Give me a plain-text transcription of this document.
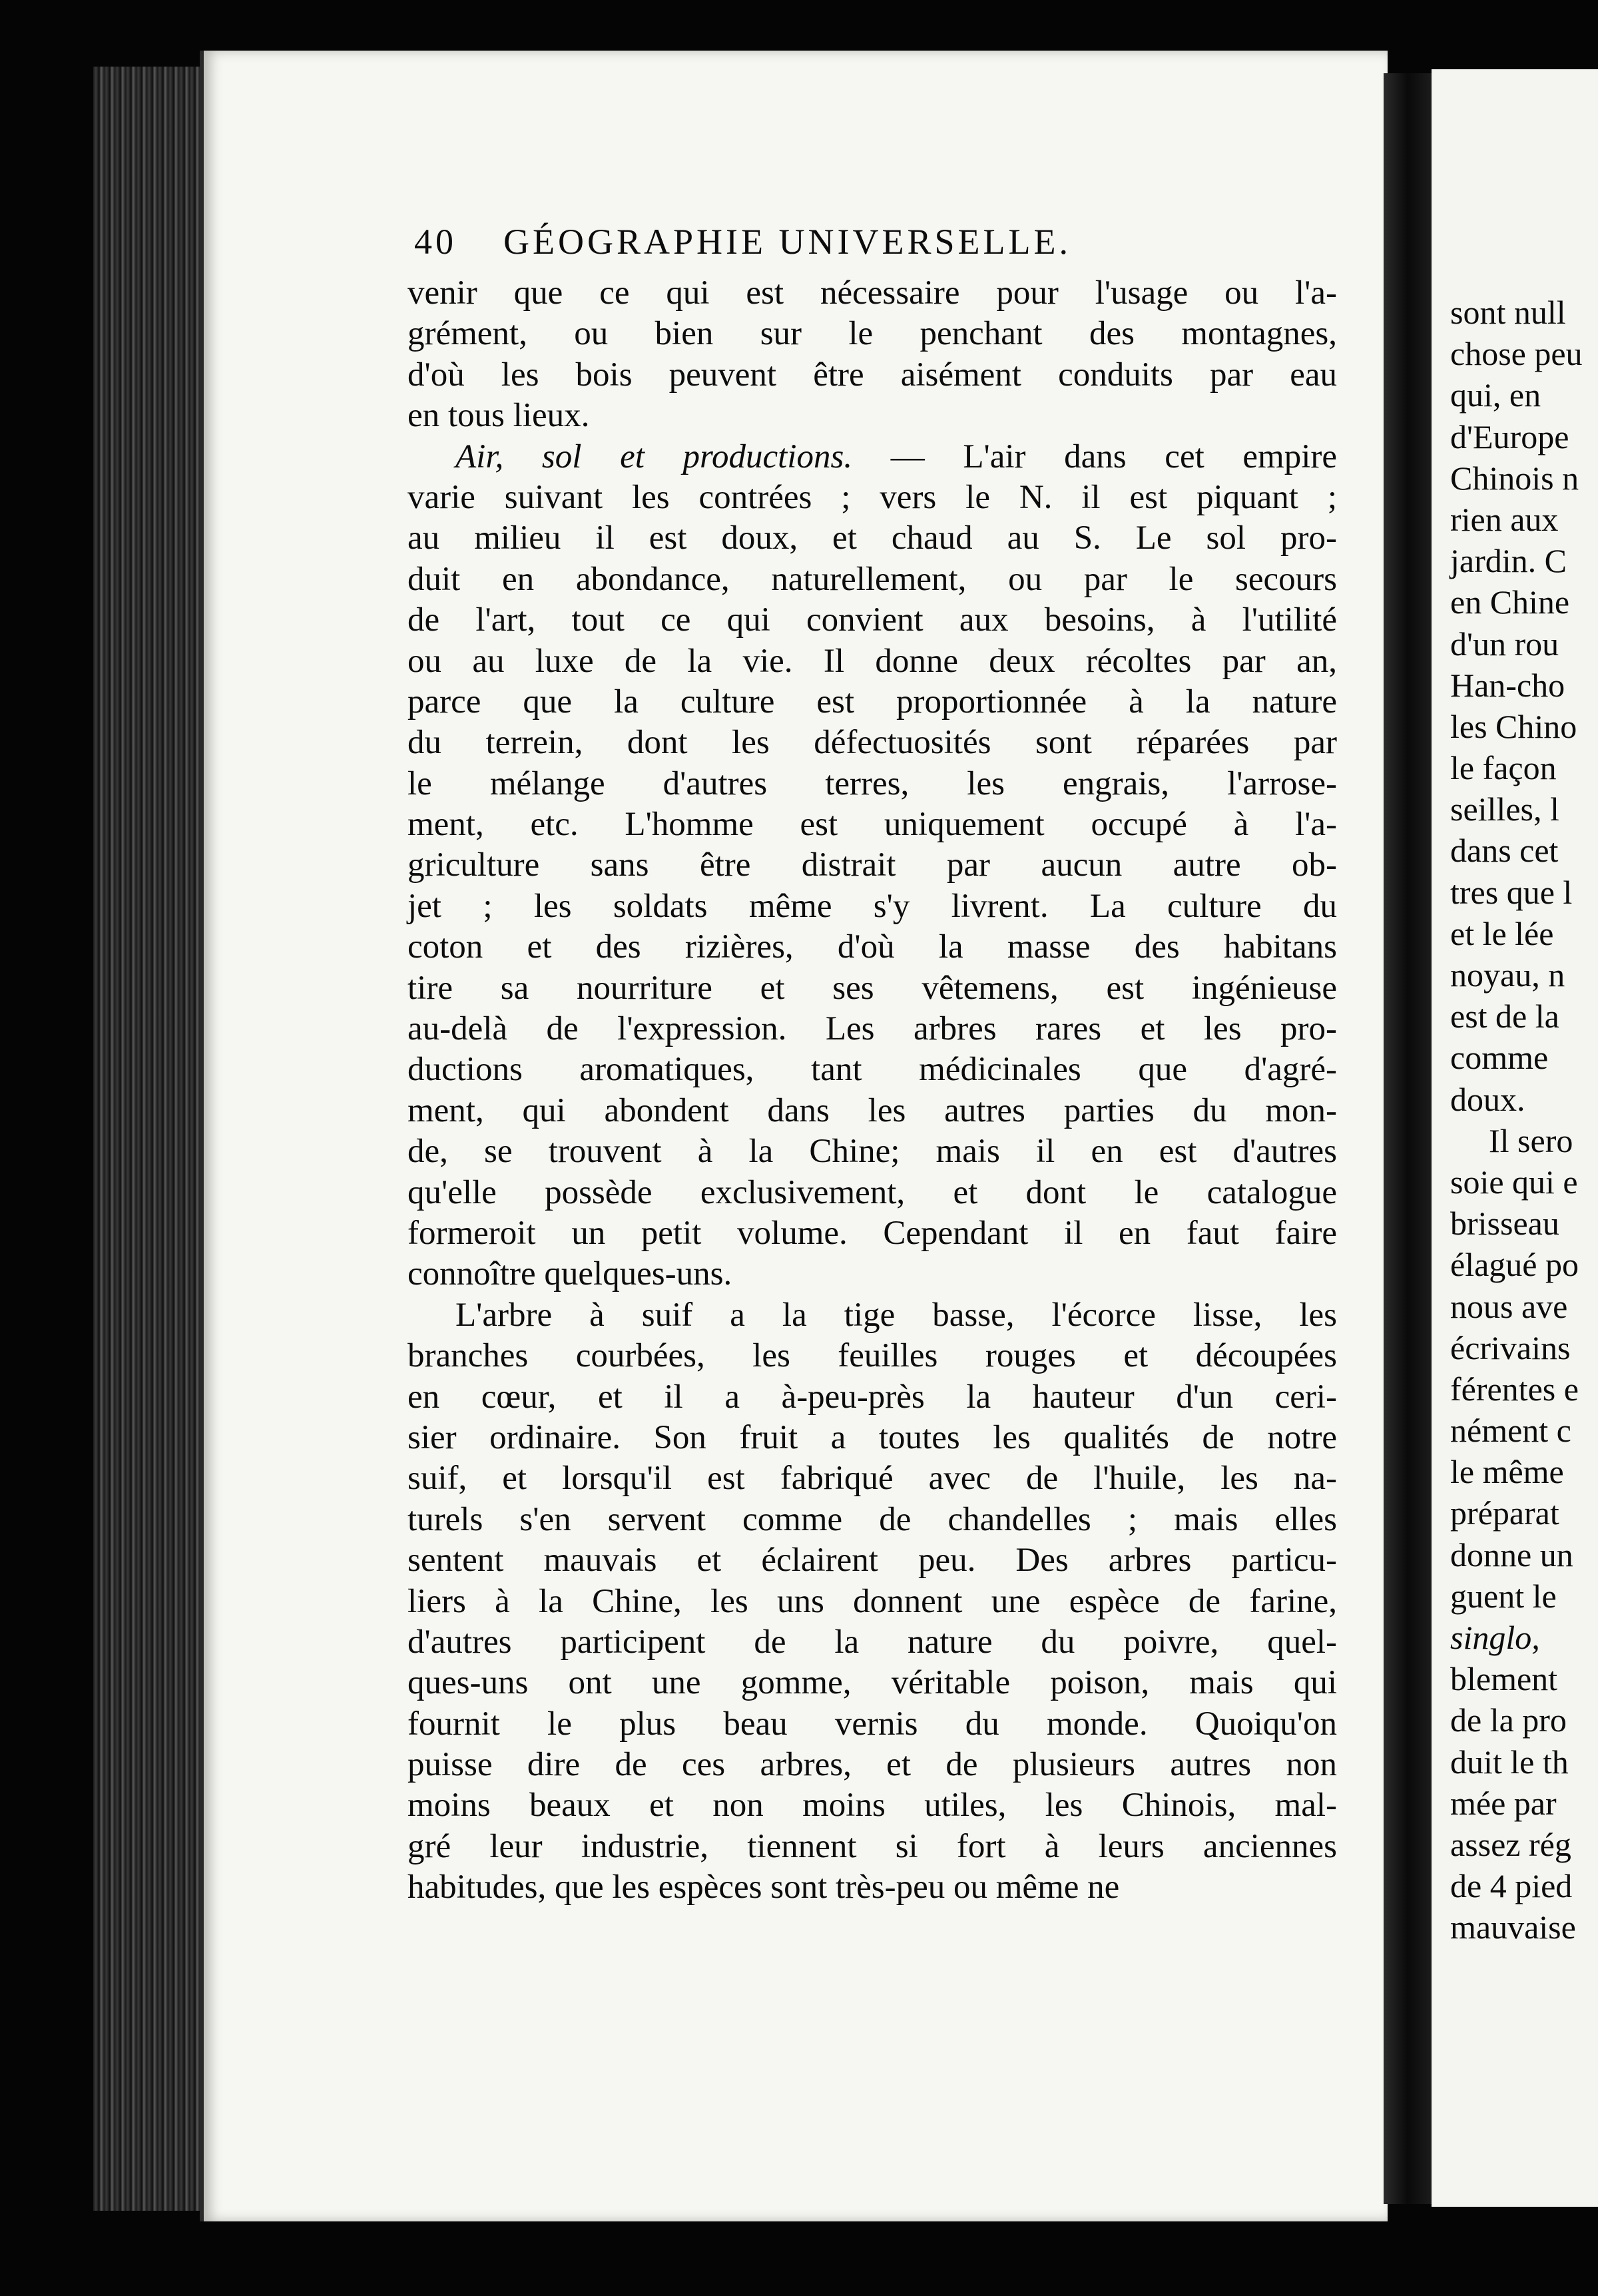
40 GÉOGRAPHIE UNIVERSELLE.
venir que ce qui est nécessaire pour l'usage ou l'a-
grément, ou bien sur le penchant des montagnes,
d'où les bois peuvent être aisément conduits par eau
en tous lieux.
Air, sol et productions. — L'air dans cet empire
varie suivant les contrées ; vers le N. il est piquant ;
au milieu il est doux, et chaud au S. Le sol pro-
duit en abondance, naturellement, ou par le secours
de l'art, tout ce qui convient aux besoins, à l'utilité
ou au luxe de la vie. Il donne deux récoltes par an,
parce que la culture est proportionnée à la nature
du terrein, dont les défectuosités sont réparées par
le mélange d'autres terres, les engrais, l'arrose-
ment, etc. L'homme est uniquement occupé à l'a-
griculture sans être distrait par aucun autre ob-
jet ; les soldats même s'y livrent. La culture du
coton et des rizières, d'où la masse des habitans
tire sa nourriture et ses vêtemens, est ingénieuse
au-delà de l'expression. Les arbres rares et les pro-
ductions aromatiques, tant médicinales que d'agré-
ment, qui abondent dans les autres parties du mon-
de, se trouvent à la Chine; mais il en est d'autres
qu'elle possède exclusivement, et dont le catalogue
formeroit un petit volume. Cependant il en faut faire
connoître quelques-uns.
L'arbre à suif a la tige basse, l'écorce lisse, les
branches courbées, les feuilles rouges et découpées
en cœur, et il a à-peu-près la hauteur d'un ceri-
sier ordinaire. Son fruit a toutes les qualités de notre
suif, et lorsqu'il est fabriqué avec de l'huile, les na-
turels s'en servent comme de chandelles ; mais elles
sentent mauvais et éclairent peu. Des arbres particu-
liers à la Chine, les uns donnent une espèce de farine,
d'autres participent de la nature du poivre, quel-
ques-uns ont une gomme, véritable poison, mais qui
fournit le plus beau vernis du monde. Quoiqu'on
puisse dire de ces arbres, et de plusieurs autres non
moins beaux et non moins utiles, les Chinois, mal-
gré leur industrie, tiennent si fort à leurs anciennes
habitudes, que les espèces sont très-peu ou même ne
sont null
chose peu
qui, en
d'Europe
Chinois n
rien aux
jardin. C
en Chine
d'un rou
Han-cho
les Chino
le façon
seilles, l
dans cet
tres que l
et le lée
noyau, n
est de la
comme
doux.
Il sero
soie qui e
brisseau
élagué po
nous ave
écrivains
férentes e
nément c
le même
préparat
donne un
guent le
singlo,
blement
de la pro
duit le th
mée par
assez rég
de 4 pied
mauvaise
